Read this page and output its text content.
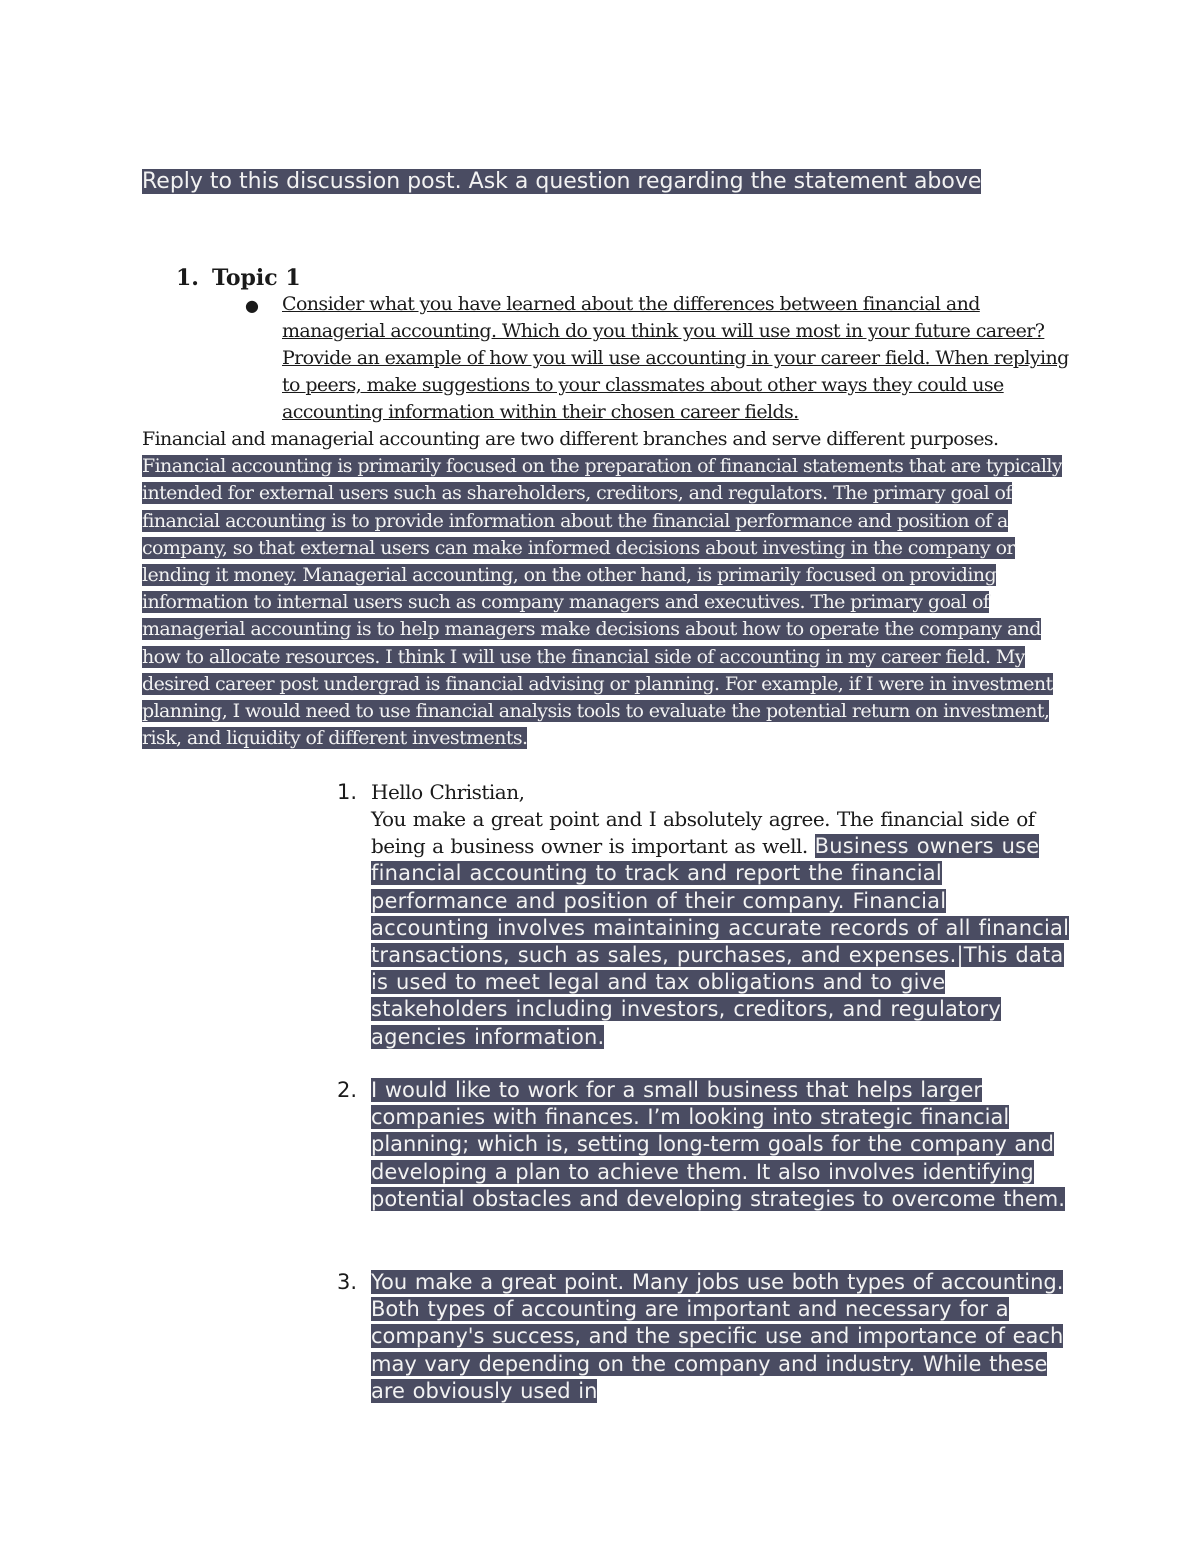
Reply to this discussion post. Ask a question regarding the statement above
1. Topic 1
● Consider what you have learned about the differences between financial and managerial accounting. Which do you think you will use most in your future career? Provide an example of how you will use accounting in your career field. When replying to peers, make suggestions to your classmates about other ways they could use accounting information within their chosen career fields.

Financial and managerial accounting are two different branches and serve different purposes. Financial accounting is primarily focused on the preparation of financial statements that are typically intended for external users such as shareholders, creditors, and regulators. The primary goal of financial accounting is to provide information about the financial performance and position of a company, so that external users can make informed decisions about investing in the company or lending it money. Managerial accounting, on the other hand, is primarily focused on providing information to internal users such as company managers and executives. The primary goal of managerial accounting is to help managers make decisions about how to operate the company and how to allocate resources. I think I will use the financial side of accounting in my career field. My desired career post undergrad is financial advising or planning. For example, if I were in investment planning, I would need to use financial analysis tools to evaluate the potential return on investment, risk, and liquidity of different investments.

1. Hello Christian,

You make a great point and I absolutely agree. The financial side of being a business owner is important as well. Business owners use financial accounting to track and report the financial performance and position of their company. Financial accounting involves maintaining accurate records of all financial transactions, such as sales, purchases, and expenses.|This data is used to meet legal and tax obligations and to give stakeholders including investors, creditors, and regulatory agencies information.

2. I would like to work for a small business that helps larger companies with finances. I’m looking into strategic financial planning; which is, setting long-term goals for the company and developing a plan to achieve them. It also involves identifying potential obstacles and developing strategies to overcome them.

3. You make a great point. Many jobs use both types of accounting. Both types of accounting are important and necessary for a company's success, and the specific use and importance of each may vary depending on the company and industry. While these are obviously used in
